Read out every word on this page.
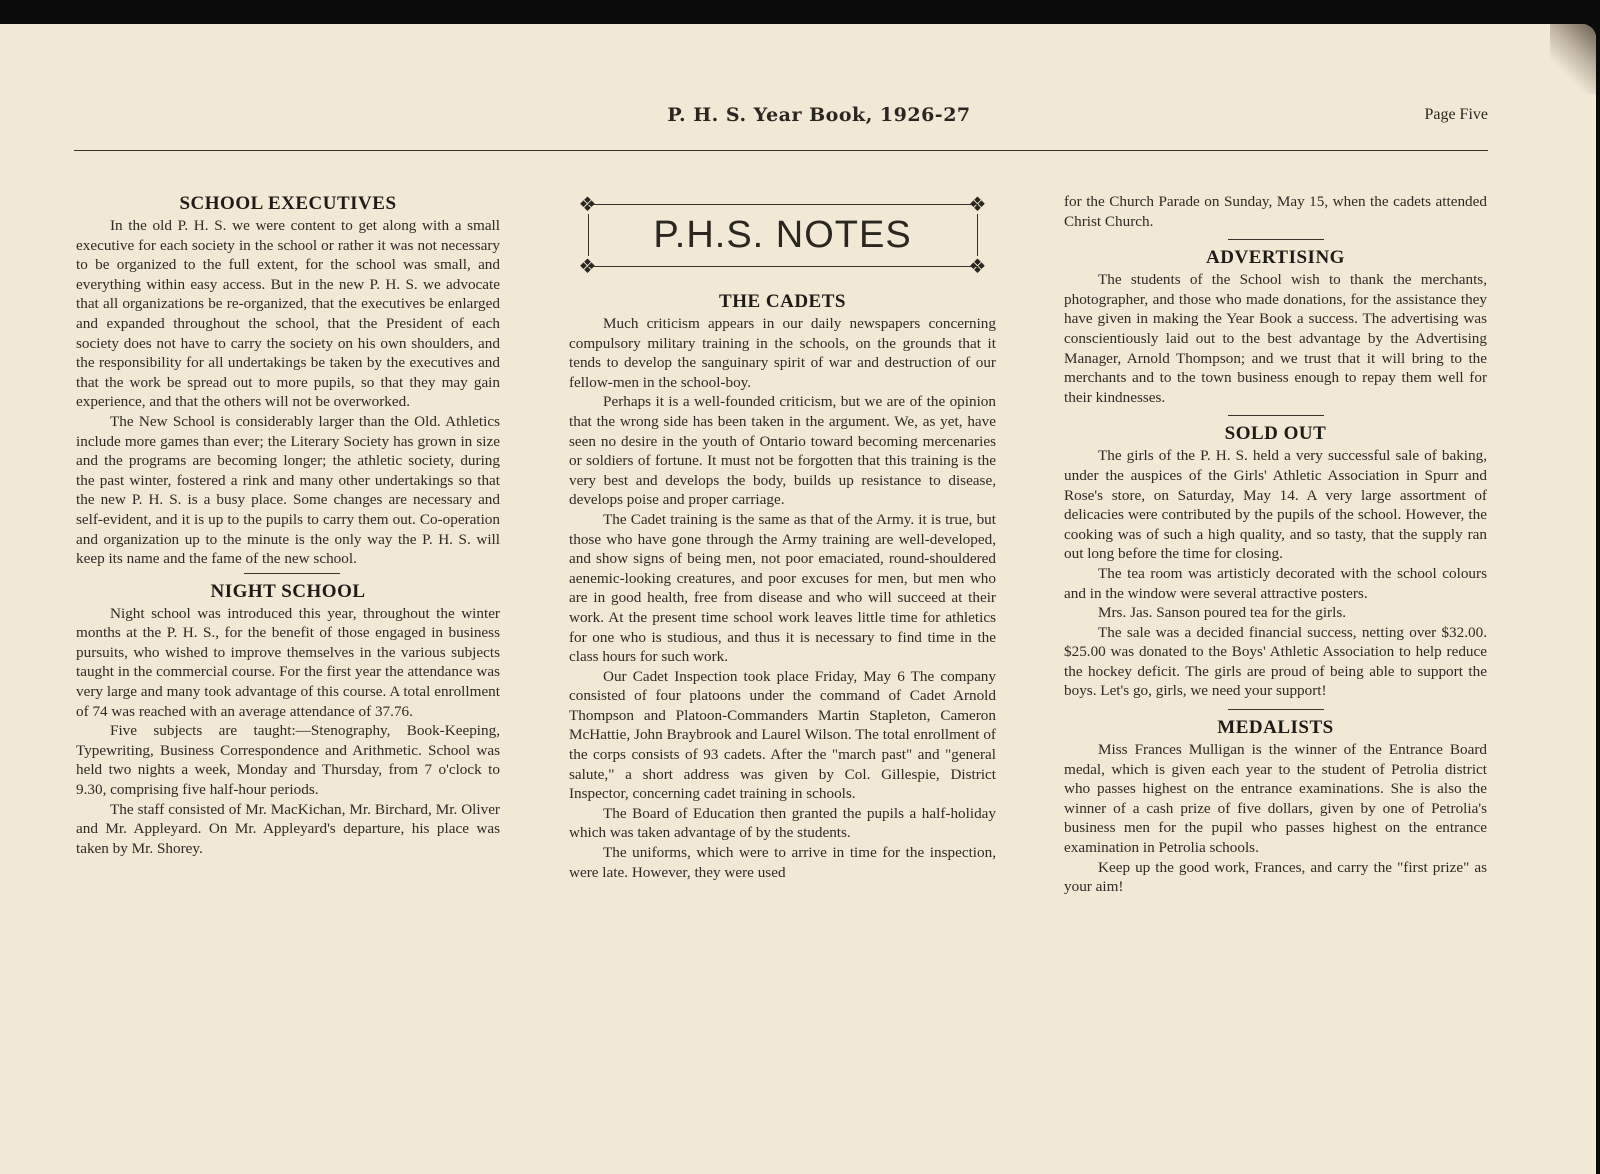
P. H. S. Year Book, 1926-27	Page Five
SCHOOL EXECUTIVES

In the old P. H. S. we were content to get along with a small executive for each society in the school or rather it was not necessary to be organized to the full extent, for the school was small, and everything within easy access. But in the new P. H. S. we advocate that all organizations be re-organized, that the executives be enlarged and expanded throughout the school, that the President of each society does not have to carry the society on his own shoulders, and the responsibility for all undertakings be taken by the executives and that the work be spread out to more pupils, so that they may gain experience, and that the others will not be overworked.

The New School is considerably larger than the Old. Athletics include more games than ever; the Literary Society has grown in size and the programs are becoming longer; the athletic society, during the past winter, fostered a rink and many other undertakings so that the new P. H. S. is a busy place. Some changes are necessary and self-evident, and it is up to the pupils to carry them out. Co-operation and organization up to the minute is the only way the P. H. S. will keep its name and the fame of the new school.

NIGHT SCHOOL

Night school was introduced this year, throughout the winter months at the P. H. S., for the benefit of those engaged in business pursuits, who wished to improve themselves in the various subjects taught in the commercial course. For the first year the attendance was very large and many took advantage of this course. A total enrollment of 74 was reached with an average attendance of 37.76.

Five subjects are taught:—Stenography, Book-Keeping, Typewriting, Business Correspondence and Arithmetic. School was held two nights a week, Monday and Thursday, from 7 o'clock to 9.30, comprising five half-hour periods.

The staff consisted of Mr. MacKichan, Mr. Birchard, Mr. Oliver and Mr. Appleyard. On Mr. Appleyard's departure, his place was taken by Mr. Shorey.

❖	❖
❖	❖
P.H.S. NOTES
THE CADETS

Much criticism appears in our daily newspapers concerning compulsory military training in the schools, on the grounds that it tends to develop the sanguinary spirit of war and destruction of our fellow-men in the school-boy.

Perhaps it is a well-founded criticism, but we are of the opinion that the wrong side has been taken in the argument. We, as yet, have seen no desire in the youth of Ontario toward becoming mercenaries or soldiers of fortune. It must not be forgotten that this training is the very best and develops the body, builds up resistance to disease, develops poise and proper carriage.

The Cadet training is the same as that of the Army. it is true, but those who have gone through the Army training are well-developed, and show signs of being men, not poor emaciated, round-shouldered aenemic-looking creatures, and poor excuses for men, but men who are in good health, free from disease and who will succeed at their work. At the present time school work leaves little time for athletics for one who is studious, and thus it is necessary to find time in the class hours for such work.

Our Cadet Inspection took place Friday, May 6 The company consisted of four platoons under the command of Cadet Arnold Thompson and Platoon-Commanders Martin Stapleton, Cameron McHattie, John Braybrook and Laurel Wilson. The total enrollment of the corps consists of 93 cadets. After the "march past" and "general salute," a short address was given by Col. Gillespie, District Inspector, concerning cadet training in schools.

The Board of Education then granted the pupils a half-holiday which was taken advantage of by the students.

The uniforms, which were to arrive in time for the inspection, were late. However, they were used

for the Church Parade on Sunday, May 15, when the cadets attended Christ Church.

ADVERTISING

The students of the School wish to thank the merchants, photographer, and those who made donations, for the assistance they have given in making the Year Book a success. The advertising was conscientiously laid out to the best advantage by the Advertising Manager, Arnold Thompson; and we trust that it will bring to the merchants and to the town business enough to repay them well for their kindnesses.

SOLD OUT

The girls of the P. H. S. held a very successful sale of baking, under the auspices of the Girls' Athletic Association in Spurr and Rose's store, on Saturday, May 14. A very large assortment of delicacies were contributed by the pupils of the school. However, the cooking was of such a high quality, and so tasty, that the supply ran out long before the time for closing.

The tea room was artisticly decorated with the school colours and in the window were several attractive posters.

Mrs. Jas. Sanson poured tea for the girls.

The sale was a decided financial success, netting over $32.00. $25.00 was donated to the Boys' Athletic Association to help reduce the hockey deficit. The girls are proud of being able to support the boys. Let's go, girls, we need your support!

MEDALISTS

Miss Frances Mulligan is the winner of the Entrance Board medal, which is given each year to the student of Petrolia district who passes highest on the entrance examinations. She is also the winner of a cash prize of five dollars, given by one of Petrolia's business men for the pupil who passes highest on the entrance examination in Petrolia schools.

Keep up the good work, Frances, and carry the "first prize" as your aim!
